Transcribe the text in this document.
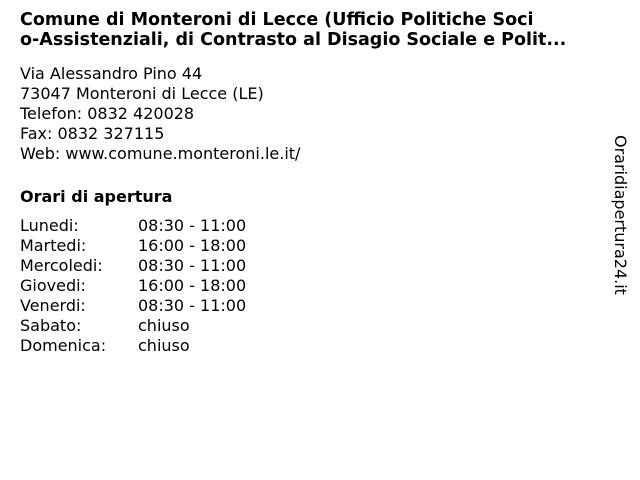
Comune di Monteroni di Lecce (Ufficio Politiche Soci
o-Assistenziali, di Contrasto al Disagio Sociale e Polit...
Via Alessandro Pino 44
73047 Monteroni di Lecce (LE)
Telefon: 0832 420028
Fax: 0832 327115
Web: www.comune.monteroni.le.it/
Orari di apertura
Lunedi:	08:30 - 11:00
Martedi:	16:00 - 18:00
Mercoledi:	08:30 - 11:00
Giovedi:	16:00 - 18:00
Venerdi:	08:30 - 11:00
Sabato:	chiuso
Domenica:	chiuso
Oraridiapertura24.it
